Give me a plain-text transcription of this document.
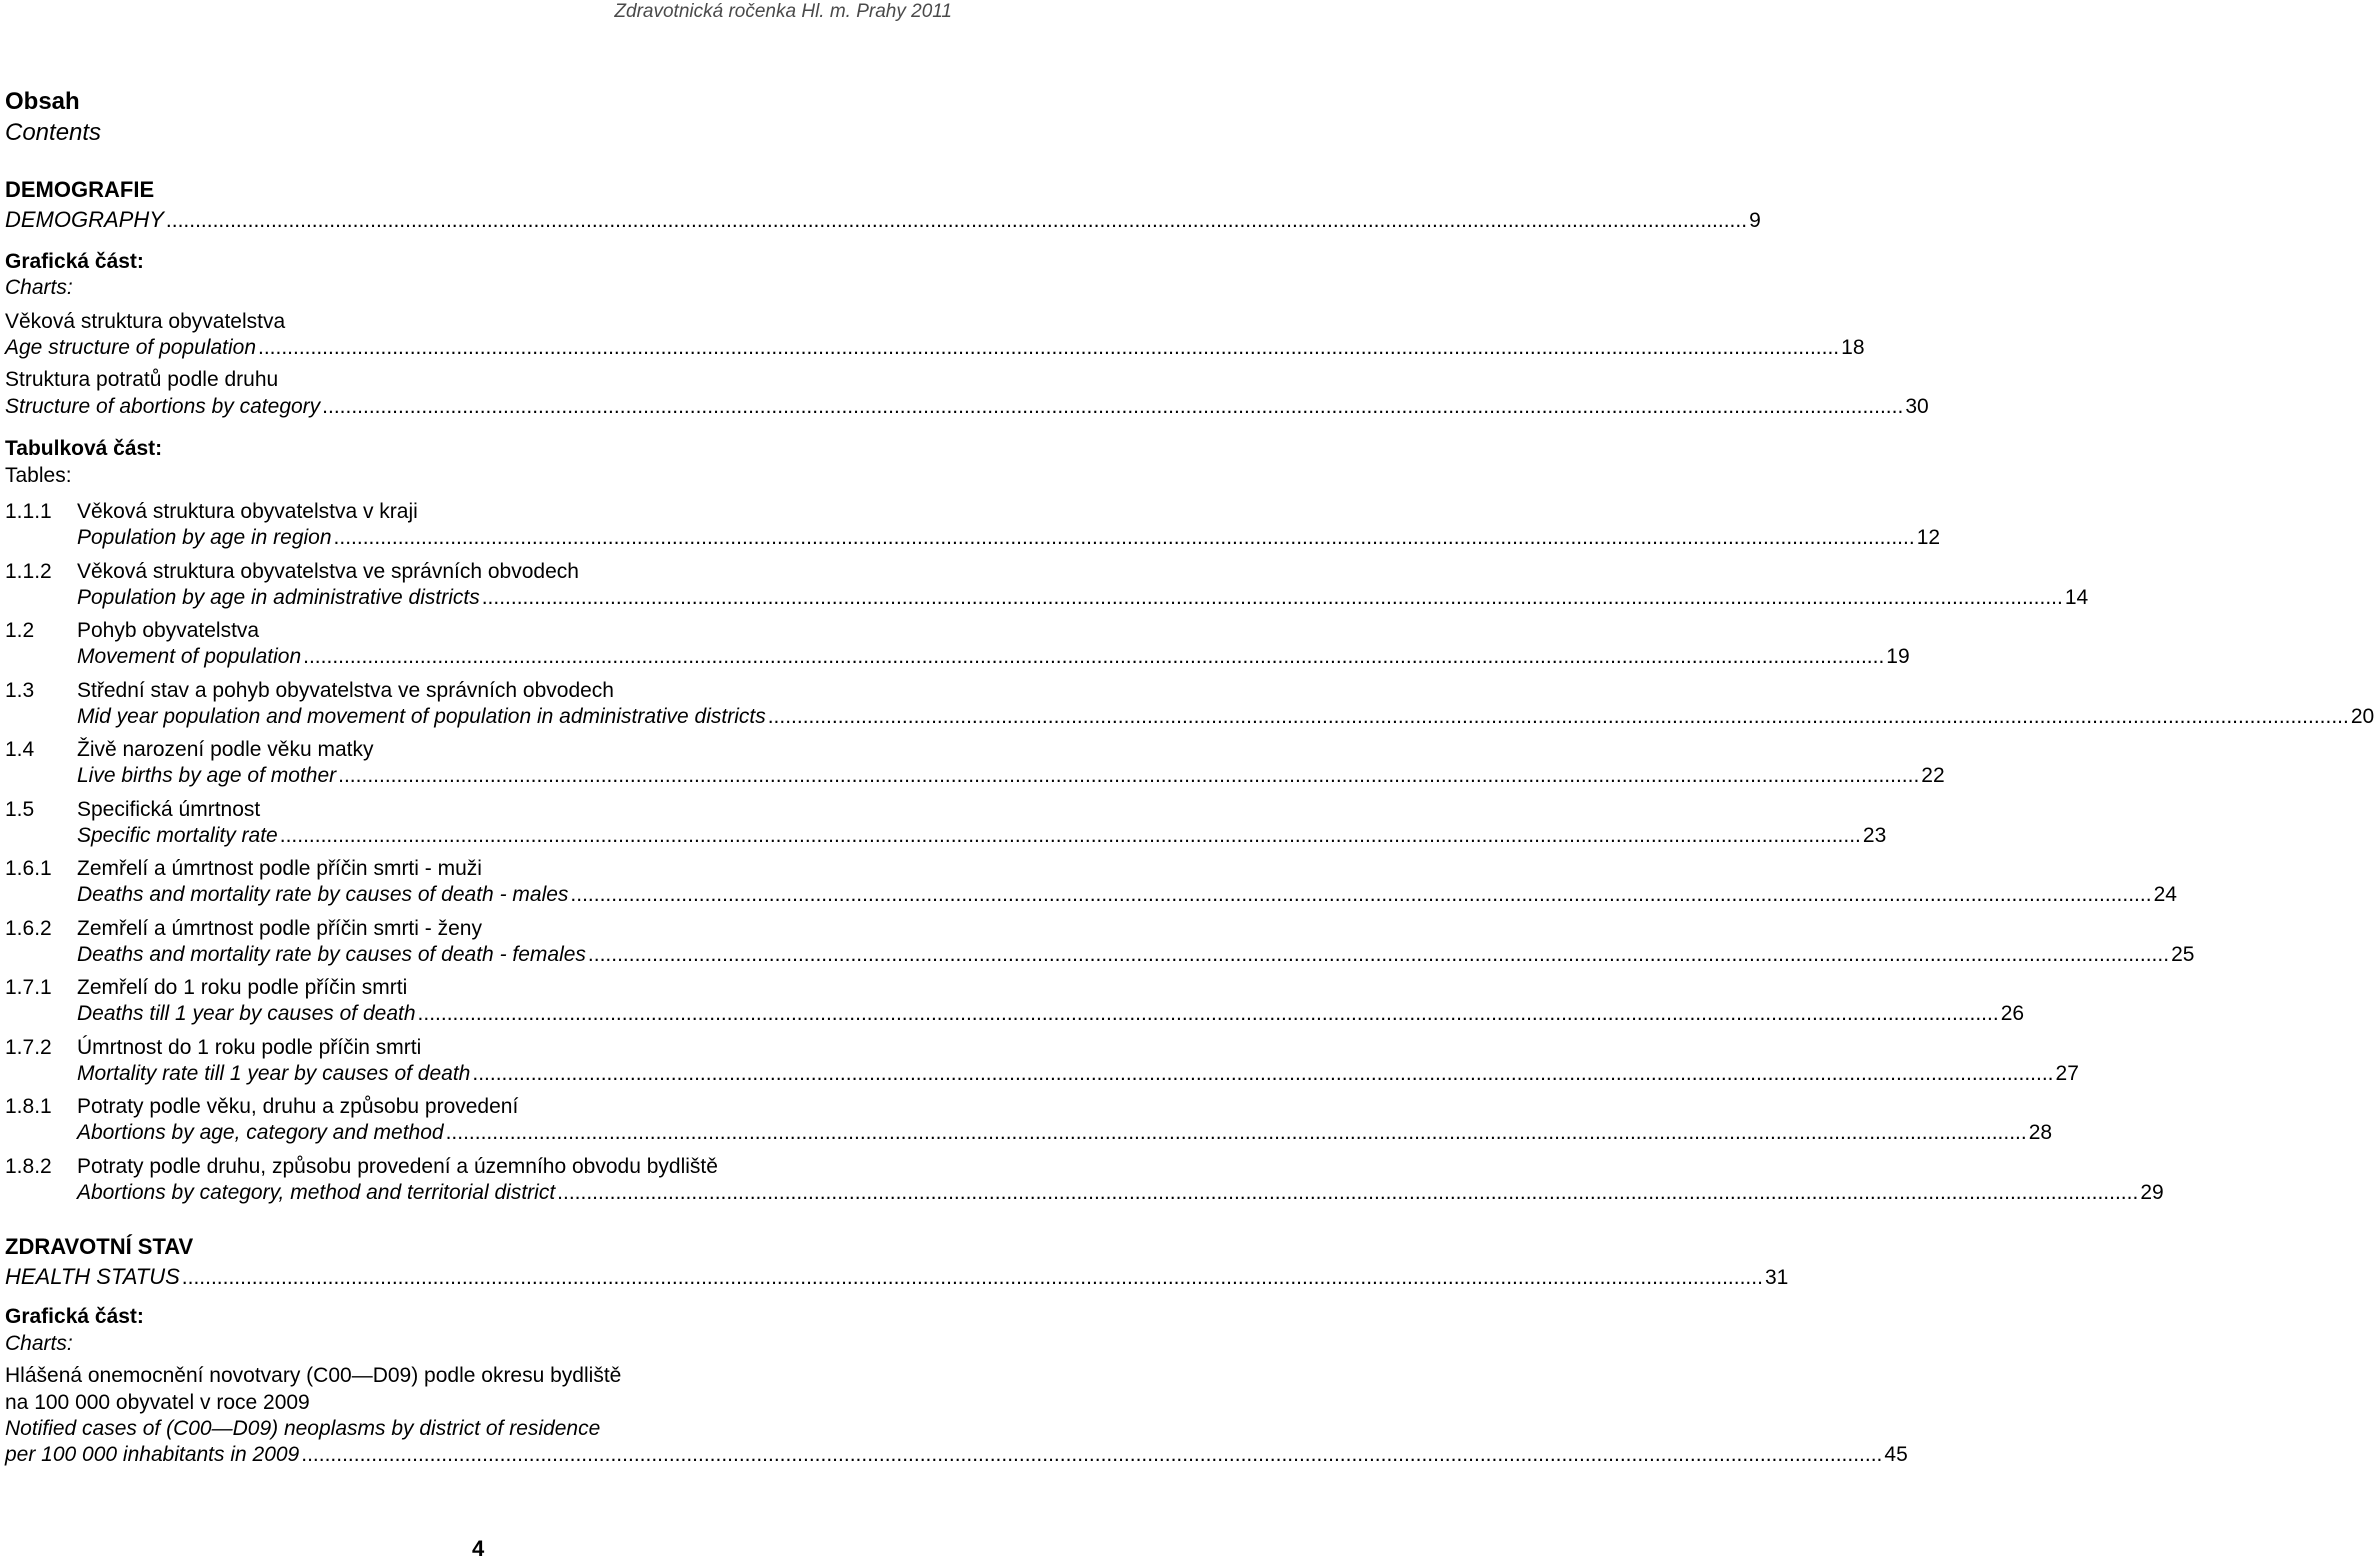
Zdravotnická ročenka Hl. m. Prahy 2011
Obsah
Contents
DEMOGRAFIE
DEMOGRAPHY .....	9
Grafická část:
Charts:
Věková struktura obyvatelstva
Age structure of population .....	18
Struktura potratů podle druhu
Structure of abortions by category .....	30
Tabulková část:
Tables:
1.1.1	Věková struktura obyvatelstva v kraji
Population by age in region .....	12
1.1.2	Věková struktura obyvatelstva ve správních obvodech
Population by age in administrative districts .....	14
1.2	Pohyb obyvatelstva
Movement of population .....	19
1.3	Střední stav a pohyb obyvatelstva ve správních obvodech
Mid year population and movement of population in administrative districts .....	20
1.4	Živě narození podle věku matky
Live births by age of mother .....	22
1.5	Specifická úmrtnost
Specific mortality rate .....	23
1.6.1	Zemřelí a úmrtnost podle příčin smrti - muži
Deaths and mortality rate by causes of death - males .....	24
1.6.2	Zemřelí a úmrtnost podle příčin smrti - ženy
Deaths and mortality rate by causes of death - females .....	25
1.7.1	Zemřelí do 1 roku podle příčin smrti
Deaths till 1 year by causes of death .....	26
1.7.2	Úmrtnost do 1 roku podle příčin smrti
Mortality rate till 1 year by causes of death .....	27
1.8.1	Potraty podle věku, druhu a způsobu provedení
Abortions by age, category and method .....	28
1.8.2	Potraty podle druhu, způsobu provedení a územního obvodu bydliště
Abortions by category, method and territorial district .....	29
ZDRAVOTNÍ STAV
HEALTH STATUS .....	31
Grafická část:
Charts:
Hlášená onemocnění novotvary (C00—D09) podle okresu bydliště
na 100 000 obyvatel v roce 2009
Notified cases of (C00—D09) neoplasms by district of residence
per 100 000 inhabitants in 2009 .....	45
4
